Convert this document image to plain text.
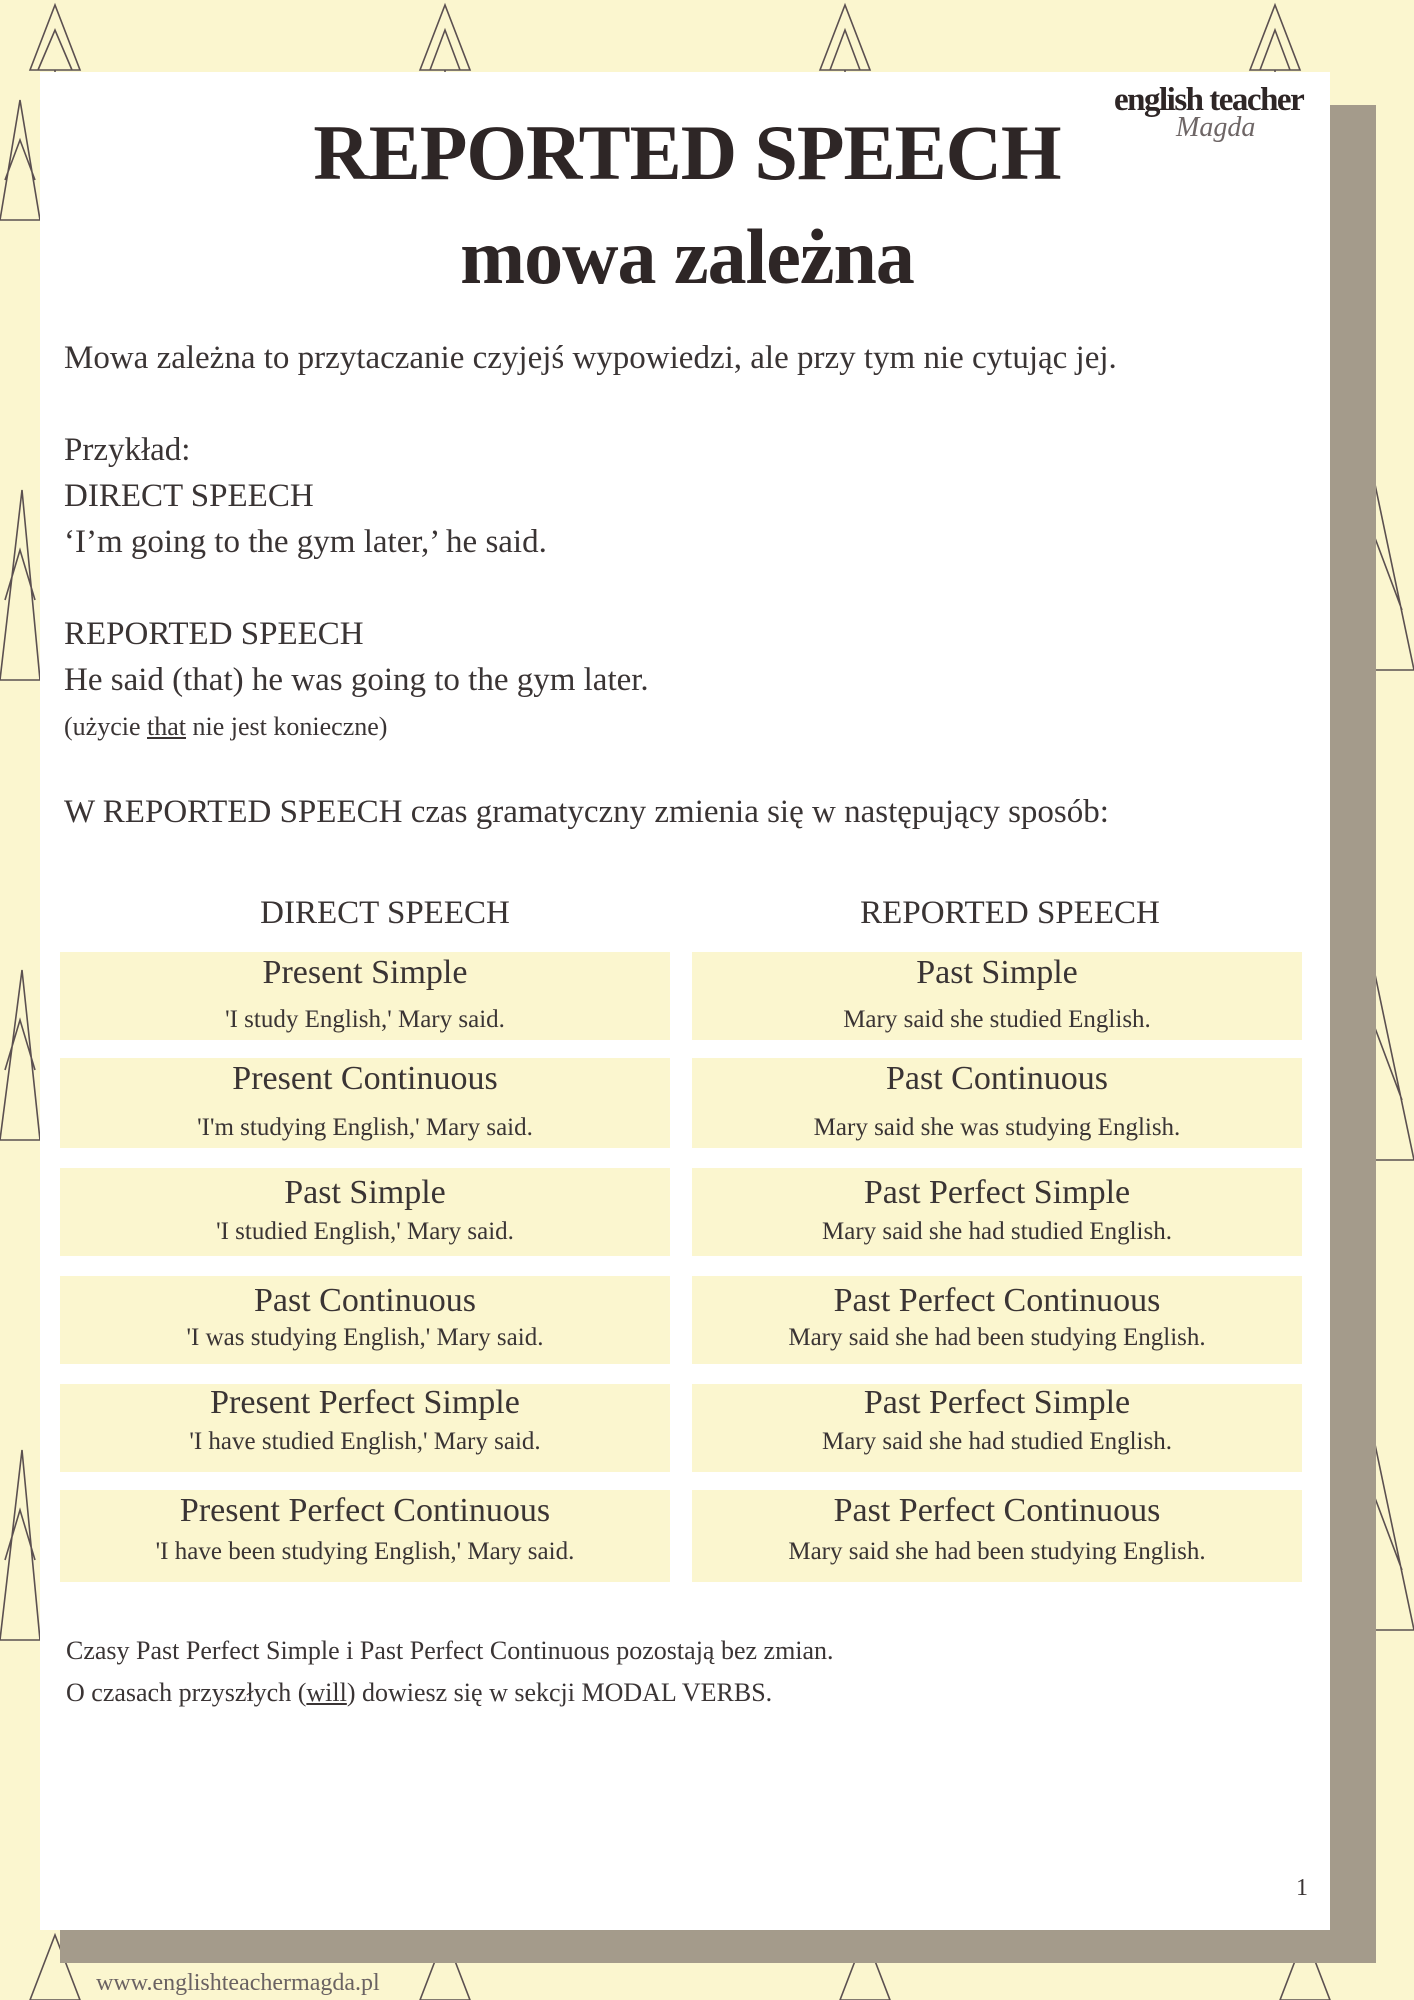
english teacher
Magda
REPORTED SPEECH
mowa zależna

Mowa zależna to przytaczanie czyjejś wypowiedzi, ale przy tym nie cytując jej.

Przykład:

DIRECT SPEECH

‘I’m going to the gym later,’ he said.

REPORTED SPEECH

He said (that) he was going to the gym later.

(użycie that nie jest konieczne)

W REPORTED SPEECH czas gramatyczny zmienia się w następujący sposób:

DIRECT SPEECH	REPORTED SPEECH
Present Simple
'I study English,' Mary said.
Past Simple
Mary said she studied English.
Present Continuous
'I'm studying English,' Mary said.
Past Continuous
Mary said she was studying English.
Past Simple
'I studied English,' Mary said.
Past Perfect Simple
Mary said she had studied English.
Past Continuous
'I was studying English,' Mary said.
Past Perfect Continuous
Mary said she had been studying English.
Present Perfect Simple
'I have studied English,' Mary said.
Past Perfect Simple
Mary said she had studied English.
Present Perfect Continuous
'I have been studying English,' Mary said.
Past Perfect Continuous
Mary said she had been studying English.

Czasy Past Perfect Simple i Past Perfect Continuous pozostają bez zmian.

O czasach przyszłych (will) dowiesz się w sekcji MODAL VERBS.

1
www.englishteachermagda.pl
